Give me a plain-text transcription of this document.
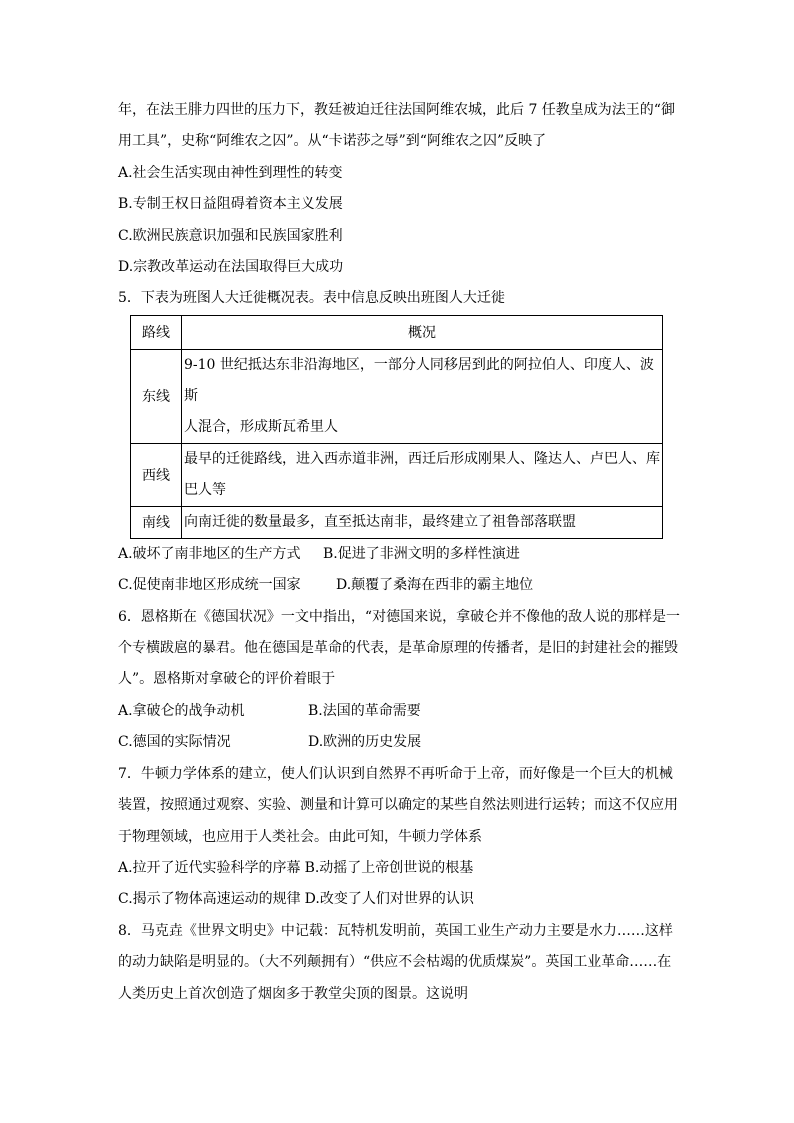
年，在法王腓力四世的压力下，教廷被迫迁往法国阿维农城，此后 7 任教皇成为法王的“御
用工具”，史称“阿维农之囚”。从“卡诺莎之辱”到“阿维农之囚”反映了
A.社会生活实现由神性到理性的转变
B.专制王权日益阻碍着资本主义发展
C.欧洲民族意识加强和民族国家胜利
D.宗教改革运动在法国取得巨大成功
5．下表为班图人大迁徙概况表。表中信息反映出班图人大迁徙
路线	概况
东线	9-10 世纪抵达东非沿海地区，一部分人同移居到此的阿拉伯人、印度人、波斯
人混合，形成斯瓦希里人

西线	最早的迁徙路线，进入西赤道非洲，西迁后形成刚果人、隆达人、卢巴人、库
巴人等

南线	向南迁徙的数量最多，直至抵达南非，最终建立了祖鲁部落联盟
A.破坏了南非地区的生产方式	B.促进了非洲文明的多样性演进
C.促使南非地区形成统一国家	D.颠覆了桑海在西非的霸主地位
6．恩格斯在《德国状况》一文中指出，“对德国来说，拿破仑并不像他的敌人说的那样是一
个专横跋扈的暴君。他在德国是革命的代表，是革命原理的传播者，是旧的封建社会的摧毁
人”。恩格斯对拿破仑的评价着眼于
A.拿破仑的战争动机	B.法国的革命需要
C.德国的实际情况	D.欧洲的历史发展
7．牛顿力学体系的建立，使人们认识到自然界不再听命于上帝，而好像是一个巨大的机械
装置，按照通过观察、实验、测量和计算可以确定的某些自然法则进行运转；而这不仅应用
于物理领域，也应用于人类社会。由此可知，牛顿力学体系
A.拉开了近代实验科学的序幕 B.动摇了上帝创世说的根基
C.揭示了物体高速运动的规律 D.改变了人们对世界的认识
8．马克垚《世界文明史》中记载：瓦特机发明前，英国工业生产动力主要是水力……这样
的动力缺陷是明显的。（大不列颠拥有）“供应不会枯竭的优质煤炭”。英国工业革命……在
人类历史上首次创造了烟囱多于教堂尖顶的图景。这说明
